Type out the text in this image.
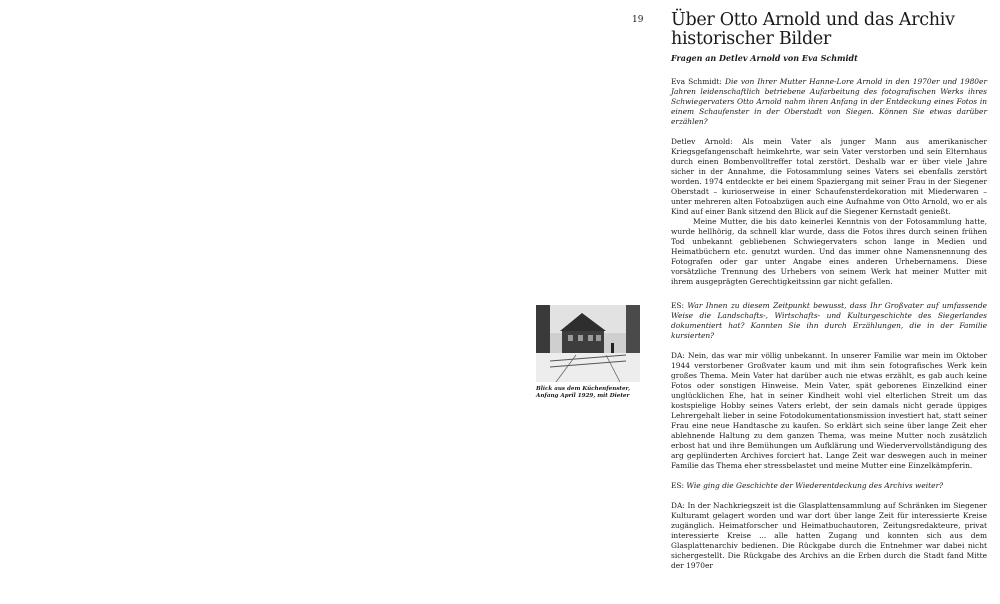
19 Über Otto Arnold und das Archiv historischer Bilder
Fragen an Detlev Arnold von Eva Schmidt
Blick aus dem Küchenfenster, Anfang April 1929, mit Dieter

Eva Schmidt: Die von Ihrer Mutter Hanne-Lore Arnold in den 1970er und 1980er Jahren leidenschaftlich betriebene Aufarbeitung des fotografischen Werks ihres Schwiegervaters Otto Arnold nahm ihren Anfang in der Entdeckung eines Fotos in einem Schaufenster in der Oberstadt von Siegen. Können Sie etwas darüber erzählen?

Detlev Arnold: Als mein Vater als junger Mann aus amerikanischer Kriegsgefangenschaft heimkehrte, war sein Vater verstorben und sein Elternhaus durch einen Bombenvolltreffer total zerstört. Deshalb war er über viele Jahre sicher in der Annahme, die Fotosammlung seines Vaters sei ebenfalls zerstört worden. 1974 entdeckte er bei einem Spaziergang mit seiner Frau in der Siegener Oberstadt – kurioserweise in einer Schaufensterdekoration mit Miederwaren – unter mehreren alten Fotoabzügen auch eine Aufnahme von Otto Arnold, wo er als Kind auf einer Bank sitzend den Blick auf die Siegener Kernstadt genießt.

Meine Mutter, die bis dato keinerlei Kenntnis von der Fotosammlung hatte, wurde hellhörig, da schnell klar wurde, dass die Fotos ihres durch seinen frühen Tod unbekannt gebliebenen Schwiegervaters schon lange in Medien und Heimatbüchern etc. genutzt wurden. Und das immer ohne Namensnennung des Fotografen oder gar unter Angabe eines anderen Urhebernamens. Diese vorsätzliche Trennung des Urhebers von seinem Werk hat meiner Mutter mit ihrem ausgeprägten Gerechtigkeitssinn gar nicht gefallen.

ES: War Ihnen zu diesem Zeitpunkt bewusst, dass Ihr Großvater auf umfassende Weise die Landschafts-, Wirtschafts- und Kulturgeschichte des Siegerlandes dokumentiert hat? Kannten Sie ihn durch Erzählungen, die in der Familie kursierten?

DA: Nein, das war mir völlig unbekannt. In unserer Familie war mein im Oktober 1944 verstorbener Großvater kaum und mit ihm sein fotografisches Werk kein großes Thema. Mein Vater hat darüber auch nie etwas erzählt, es gab auch keine Fotos oder sonstigen Hinweise. Mein Vater, spät geborenes Einzelkind einer unglücklichen Ehe, hat in seiner Kindheit wohl viel elterlichen Streit um das kostspielige Hobby seines Vaters erlebt, der sein damals nicht gerade üppiges Lehrergehalt lieber in seine Fotodokumentationsmission investiert hat, statt seiner Frau eine neue Handtasche zu kaufen. So erklärt sich seine über lange Zeit eher ablehnende Haltung zu dem ganzen Thema, was meine Mutter noch zusätzlich erbost hat und ihre Bemühungen um Aufklärung und Wiedervervollständigung des arg geplünderten Archives forciert hat. Lange Zeit war deswegen auch in meiner Familie das Thema eher stressbelastet und meine Mutter eine Einzelkämpferin.

ES: Wie ging die Geschichte der Wiederentdeckung des Archivs weiter?

DA: In der Nachkriegszeit ist die Glasplattensammlung auf Schränken im Siegener Kulturamt gelagert worden und war dort über lange Zeit für interessierte Kreise zugänglich. Heimatforscher und Heimatbuchautoren, Zeitungsredakteure, privat interessierte Kreise ... alle hatten Zugang und konnten sich aus dem Glasplattenarchiv bedienen. Die Rückgabe durch die Entnehmer war dabei nicht sichergestellt. Die Rückgabe des Archivs an die Erben durch die Stadt fand Mitte der 1970er
